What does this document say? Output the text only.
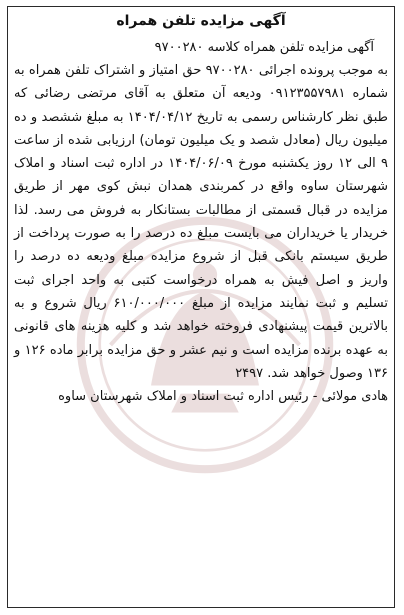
آگهی مزایده تلفن همراه
آگهی مزایده تلفن همراه کلاسه ۹۷۰۰۲۸۰

به موجب پرونده اجرائی ۹۷۰۰۲۸۰ حق امتیاز و اشتراک تلفن همراه به شماره ۰۹۱۲۳۵۵۷۹۸۱ ودیعه آن متعلق به آقای مرتضی رضائی که طبق نظر کارشناس رسمی به تاریخ ۱۴۰۴/۰۴/۱۲ به مبلغ ششصد و ده میلیون ریال (معادل شصد و یک میلیون تومان) ارزیابی شده از ساعت ۹ الی ۱۲ روز یکشنبه مورخ ۱۴۰۴/۰۶/۰۹ در اداره ثبت اسناد و املاک شهرستان ساوه واقع در کمربندی همدان نبش کوی مهر از طریق مزایده در قبال قسمتی از مطالبات بستانکار به فروش می رسد. لذا خریدار یا خریداران می بایست مبلغ ده درصد را به صورت پرداخت از طریق سیستم بانکی قبل از شروع مزایده مبلغ ودیعه ده درصد را واریز و اصل فیش به همراه درخواست کتبی به واحد اجرای ثبت تسلیم و ثبت نمایند مزایده از مبلغ ۶۱۰/۰۰۰/۰۰۰ ریال شروع و به بالاترین قیمت پیشنهادی فروخته خواهد شد و کلیه هزینه های قانونی به عهده برنده مزایده است و نیم عشر و حق مزایده برابر ماده ۱۲۶ و ۱۳۶ وصول خواهد شد. ۲۴۹۷

هادی مولائی - رئیس اداره ثبت اسناد و املاک شهرستان ساوه
